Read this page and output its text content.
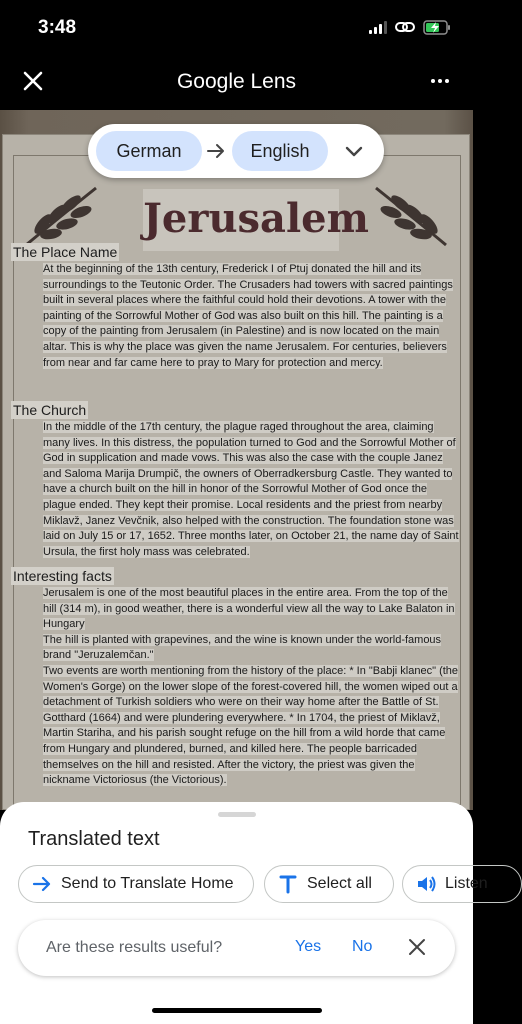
3:48
Google Lens
Jerusalem
The Place Name
At the beginning of the 13th century, Frederick I of Ptuj donated the hill and its surroundings to the Teutonic Order. The Crusaders had towers with sacred paintings built in several places where the faithful could hold their devotions. A tower with the painting of the Sorrowful Mother of God was also built on this hill. The painting is a copy of the painting from Jerusalem (in Palestine) and is now located on the main altar. This is why the place was given the name Jerusalem. For centuries, believers from near and far came here to pray to Mary for protection and mercy.
The Church
In the middle of the 17th century, the plague raged throughout the area, claiming many lives. In this distress, the population turned to God and the Sorrowful Mother of God in supplication and made vows. This was also the case with the couple Janez and Saloma Marija Drumpič, the owners of Oberradkersburg Castle. They wanted to have a church built on the hill in honor of the Sorrowful Mother of God once the plague ended. They kept their promise. Local residents and the priest from nearby Miklavž, Janez Vevčnik, also helped with the construction. The foundation stone was laid on July 15 or 17, 1652. Three months later, on October 21, the name day of Saint Ursula, the first holy mass was celebrated.
Interesting facts
Jerusalem is one of the most beautiful places in the entire area. From the top of the hill (314 m), in good weather, there is a wonderful view all the way to Lake Balaton in Hungary
The hill is planted with grapevines, and the wine is known under the world-famous brand "Jeruzalemčan."
Two events are worth mentioning from the history of the place: * In "Babji klanec" (the Women's Gorge) on the lower slope of the forest-covered hill, the women wiped out a detachment of Turkish soldiers who were on their way home after the Battle of St. Gotthard (1664) and were plundering everywhere. * In 1704, the priest of Miklavž, Martin Stariha, and his parish sought refuge on the hill from a wild horde that came from Hungary and plundered, burned, and killed here. The people barricaded themselves on the hill and resisted. After the victory, the priest was given the nickname Victoriosus (the Victorious).
German	English
Translated text
Send to Translate Home	Select all	Listen
Are these results useful?	Yes No
